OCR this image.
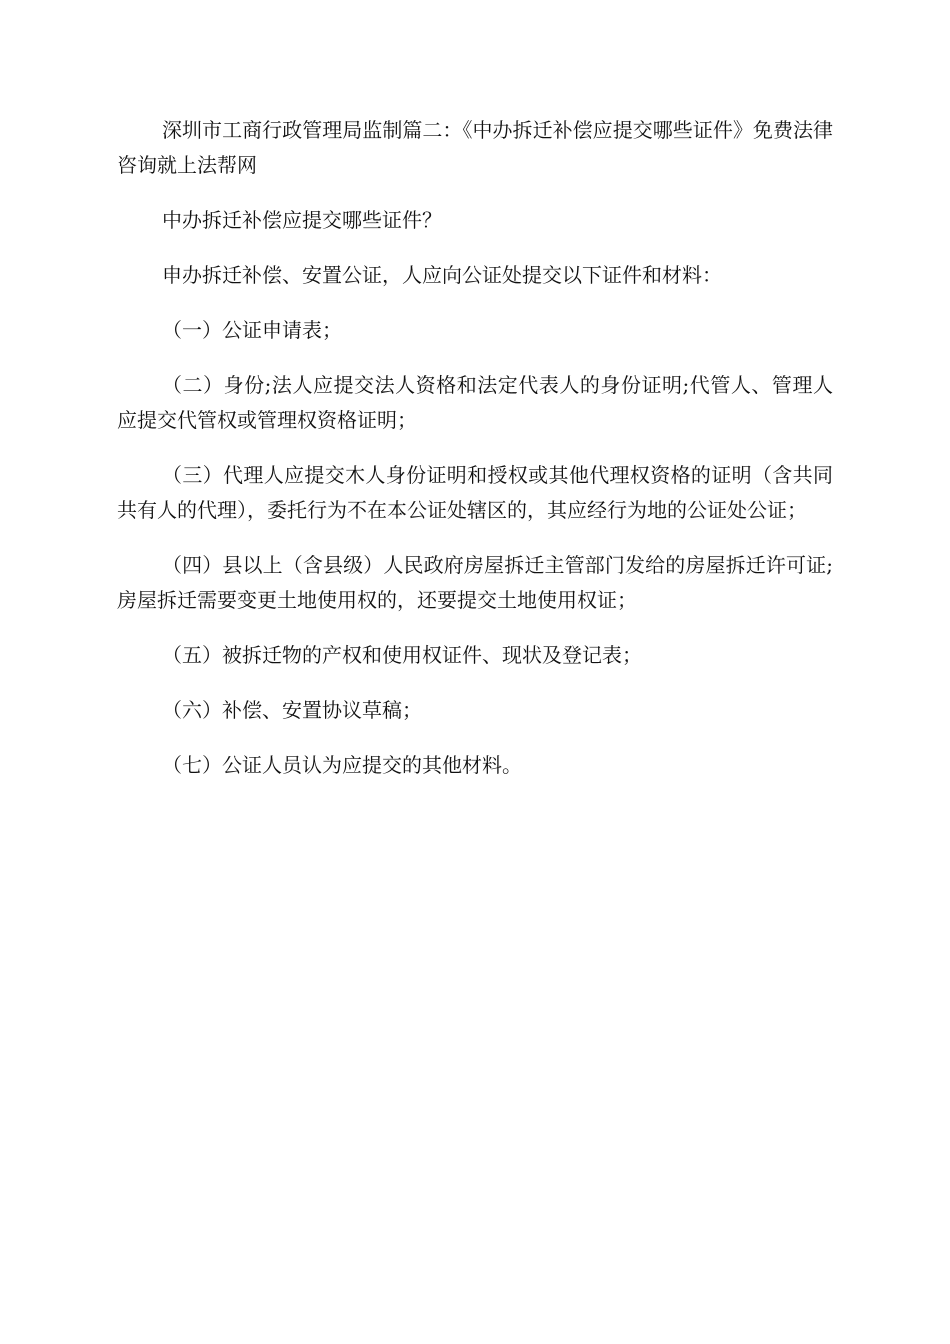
深圳市工商行政管理局监制篇二：《中办拆迁补偿应提交哪些证件》免费法律咨询就上法帮网

中办拆迁补偿应提交哪些证件？

申办拆迁补偿、安置公证，人应向公证处提交以下证件和材料：

（一）公证申请表；

（二）身份;法人应提交法人资格和法定代表人的身份证明;代管人、管理人应提交代管权或管理权资格证明；

（三）代理人应提交木人身份证明和授权或其他代理权资格的证明（含共同共有人的代理），委托行为不在本公证处辖区的，其应经行为地的公证处公证；

（四）县以上（含县级）人民政府房屋拆迁主管部门发给的房屋拆迁许可证;房屋拆迁需要变更土地使用权的，还要提交土地使用权证；

（五）被拆迁物的产权和使用权证件、现状及登记表；

（六）补偿、安置协议草稿；

（七）公证人员认为应提交的其他材料。
